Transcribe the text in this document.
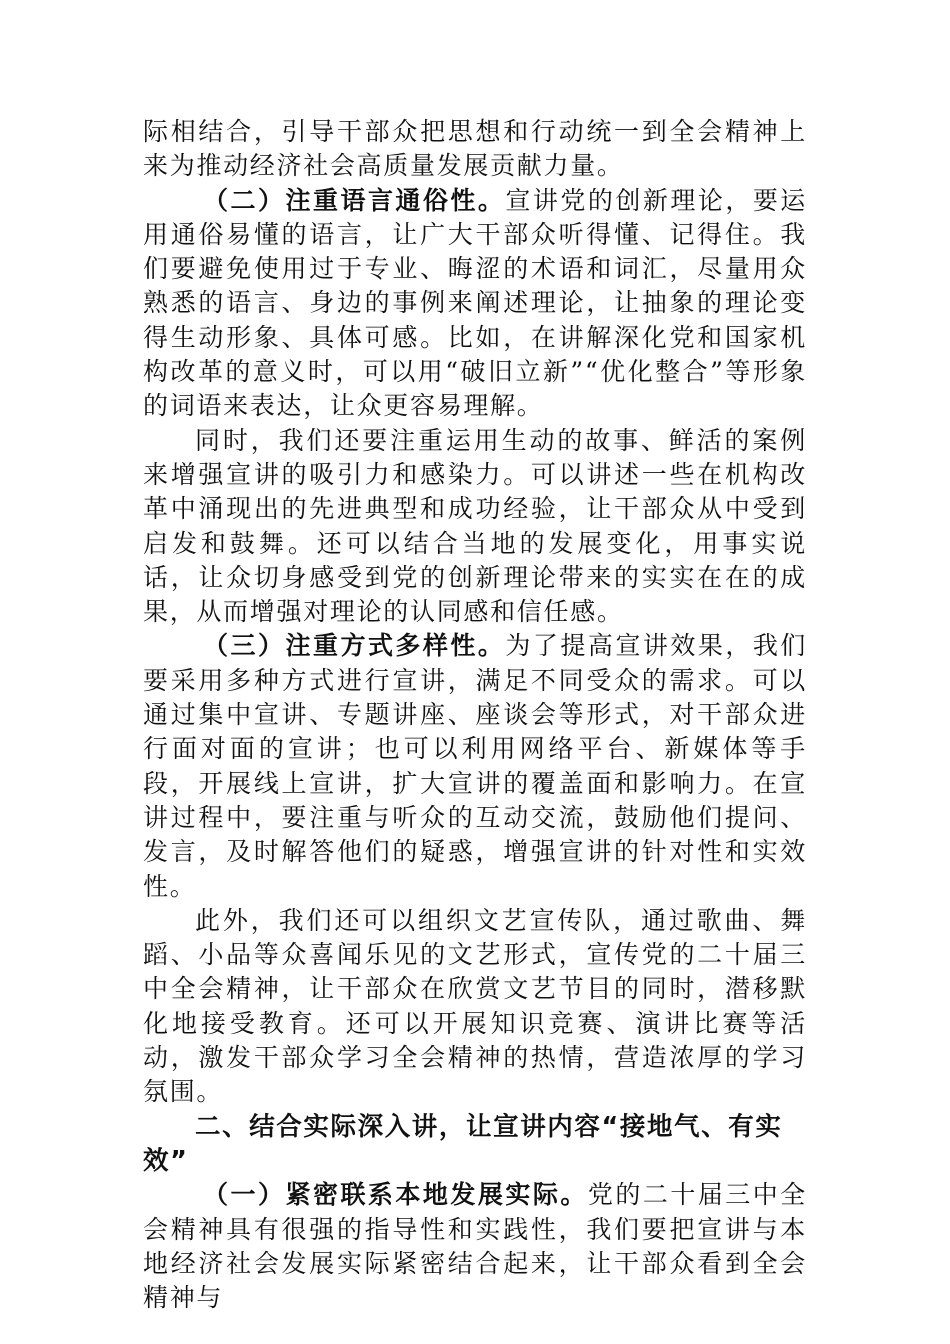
际相结合，引导干部众把思想和行动统一到全会精神上来为推动经济社会高质量发展贡献力量。

（二）注重语言通俗性。宣讲党的创新理论，要运用通俗易懂的语言，让广大干部众听得懂、记得住。我们要避免使用过于专业、晦涩的术语和词汇，尽量用众熟悉的语言、身边的事例来阐述理论，让抽象的理论变得生动形象、具体可感。比如，在讲解深化党和国家机构改革的意义时，可以用“破旧立新”“优化整合”等形象的词语来表达，让众更容易理解。

同时，我们还要注重运用生动的故事、鲜活的案例来增强宣讲的吸引力和感染力。可以讲述一些在机构改革中涌现出的先进典型和成功经验，让干部众从中受到启发和鼓舞。还可以结合当地的发展变化，用事实说话，让众切身感受到党的创新理论带来的实实在在的成果，从而增强对理论的认同感和信任感。

（三）注重方式多样性。为了提高宣讲效果，我们要采用多种方式进行宣讲，满足不同受众的需求。可以通过集中宣讲、专题讲座、座谈会等形式，对干部众进行面对面的宣讲；也可以利用网络平台、新媒体等手段，开展线上宣讲，扩大宣讲的覆盖面和影响力。在宣讲过程中，要注重与听众的互动交流，鼓励他们提问、发言，及时解答他们的疑惑，增强宣讲的针对性和实效性。

此外，我们还可以组织文艺宣传队，通过歌曲、舞蹈、小品等众喜闻乐见的文艺形式，宣传党的二十届三中全会精神，让干部众在欣赏文艺节目的同时，潜移默化地接受教育。还可以开展知识竞赛、演讲比赛等活动，激发干部众学习全会精神的热情，营造浓厚的学习氛围。

二、结合实际深入讲，让宣讲内容“接地气、有实效”

（一）紧密联系本地发展实际。党的二十届三中全会精神具有很强的指导性和实践性，我们要把宣讲与本地经济社会发展实际紧密结合起来，让干部众看到全会精神与
